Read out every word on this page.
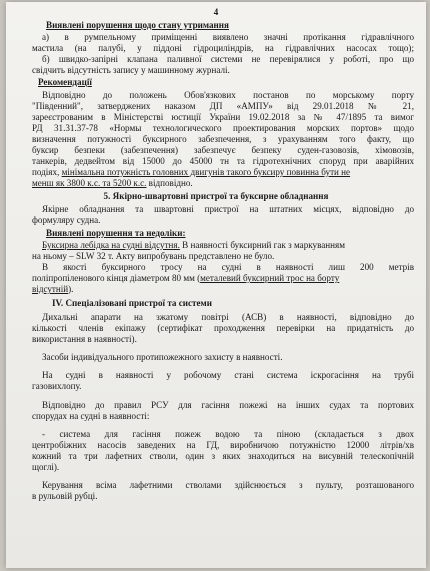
4
Виявлені порушення щодо стану утримання
а) в румпельному приміщенні виявлено значні протікання гідравлічного
мастила (на палубі, у піддоні гідроциліндрів, на гідравлічних насосах тощо);
б) швидко-запірні клапана паливної системи не перевірялися у роботі, про що
свідчить відсутність запису у машинному журналі.
Рекомендації
Відповідно до положень Обов'язкових постанов по морському порту
"Південний", затверджених наказом ДП «АМПУ» від 29.01.2018 № 21,
зареєстрованим в Міністерстві юстиції України 19.02.2018 за № 47/1895 та вимог
РД 31.31.37-78 «Нормы технологического проектирования морских портов» щодо
визначення потужності буксирного забезпечення, з урахуванням того факту, що
буксир безпеки (забезпечення) забезпечує безпеку суден-газовозів, хімовозів,
танкерів, дедвейтом від 15000 до 45000 тн та гідротехнічних споруд при аварійних
подіях, мінімальна потужність головних двигунів такого буксиру повинна бути не
менш як 3800 к.с. та 5200 к.с. відповідно.
5. Якірно-швартовні пристрої та буксирне обладнання
Якірне обладнання та швартовні пристрої на штатних місцях, відповідно до
формуляру судна.
Виявлені порушення та недоліки:
Буксирна лебідка на судні відсутня. В наявності буксирний гак з маркуванням
на ньому – SLW 32 т. Акту випробувань представлено не було.
В якості буксирного тросу на судні в наявності лиш 200 метрів
поліпропіленового кінця діаметром 80 мм (металевий буксирний трос на борту
відсутній).
IV. Спеціалізовані пристрої та системи
Дихальні апарати на зжатому повітрі (АСВ) в наявності, відповідно до
кількості членів екіпажу (сертифікат проходження перевірки на придатність до
використання в наявності).
Засоби індивідуального протипожежного захисту в наявності.
На судні в наявності у робочому стані система іскрогасіння на трубі
газовихлопу.
Відповідно до правил РСУ для гасіння пожежі на інших судах та портових
спорудах на судні в наявності:
- система для гасіння пожеж водою та піною (складається з двох
центробіжних насосів заведених на ГД, виробничою потужністю 12000 літрів/хв
кожний та три лафетних стволи, один з яких знаходиться на висувній телескопічній
щоглі).
Керування всіма лафетними стволами здійснюється з пульту, розташованого
в рульовій рубці.
